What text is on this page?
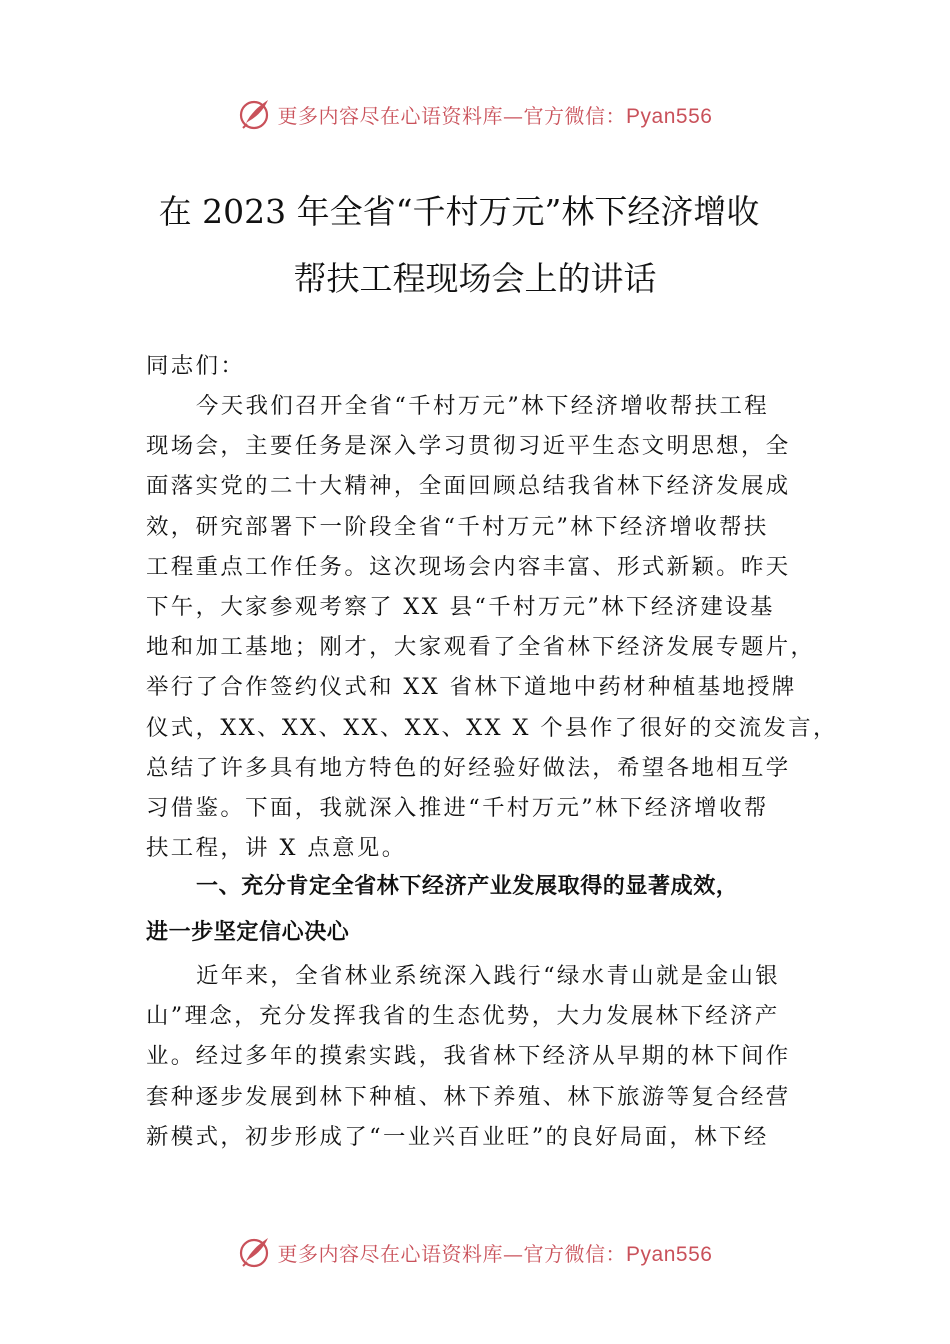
更多内容尽在心语资料库—官方微信：Pyan556
在 2023 年全省“千村万元”林下经济增收
帮扶工程现场会上的讲话
同志们：
今天我们召开全省“千村万元”林下经济增收帮扶工程
现场会，主要任务是深入学习贯彻习近平生态文明思想，全
面落实党的二十大精神，全面回顾总结我省林下经济发展成
效，研究部署下一阶段全省“千村万元”林下经济增收帮扶
工程重点工作任务。这次现场会内容丰富、形式新颖。昨天
下午，大家参观考察了 XX 县“千村万元”林下经济建设基
地和加工基地；刚才，大家观看了全省林下经济发展专题片，
举行了合作签约仪式和 XX 省林下道地中药材种植基地授牌
仪式，XX、XX、XX、XX、XX X 个县作了很好的交流发言，
总结了许多具有地方特色的好经验好做法，希望各地相互学
习借鉴。下面，我就深入推进“千村万元”林下经济增收帮
扶工程，讲 X 点意见。
一、充分肯定全省林下经济产业发展取得的显著成效，
进一步坚定信心决心
近年来，全省林业系统深入践行“绿水青山就是金山银
山”理念，充分发挥我省的生态优势，大力发展林下经济产
业。经过多年的摸索实践，我省林下经济从早期的林下间作
套种逐步发展到林下种植、林下养殖、林下旅游等复合经营
新模式，初步形成了“一业兴百业旺”的良好局面，林下经
更多内容尽在心语资料库—官方微信：Pyan556
